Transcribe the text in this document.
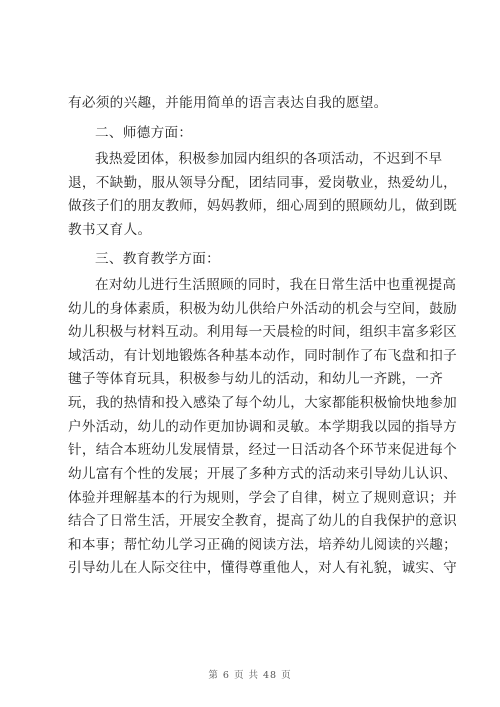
有必须的兴趣，并能用简单的语言表达自我的愿望。
二、师德方面：
我热爱团体，积极参加园内组织的各项活动，不迟到不早
退，不缺勤，服从领导分配，团结同事，爱岗敬业，热爱幼儿，
做孩子们的朋友教师，妈妈教师，细心周到的照顾幼儿，做到既
教书又育人。
三、教育教学方面：
在对幼儿进行生活照顾的同时，我在日常生活中也重视提高
幼儿的身体素质，积极为幼儿供给户外活动的机会与空间，鼓励
幼儿积极与材料互动。利用每一天晨检的时间，组织丰富多彩区
域活动，有计划地锻炼各种基本动作，同时制作了布飞盘和扣子
毽子等体育玩具，积极参与幼儿的活动，和幼儿一齐跳，一齐
玩，我的热情和投入感染了每个幼儿，大家都能积极愉快地参加
户外活动，幼儿的动作更加协调和灵敏。本学期我以园的指导方
针，结合本班幼儿发展情景，经过一日活动各个环节来促进每个
幼儿富有个性的发展；开展了多种方式的活动来引导幼儿认识、
体验并理解基本的行为规则，学会了自律，树立了规则意识；并
结合了日常生活，开展安全教育，提高了幼儿的自我保护的意识
和本事；帮忙幼儿学习正确的阅读方法，培养幼儿阅读的兴趣；
引导幼儿在人际交往中，懂得尊重他人，对人有礼貌，诚实、守
第 6 页 共 48 页
